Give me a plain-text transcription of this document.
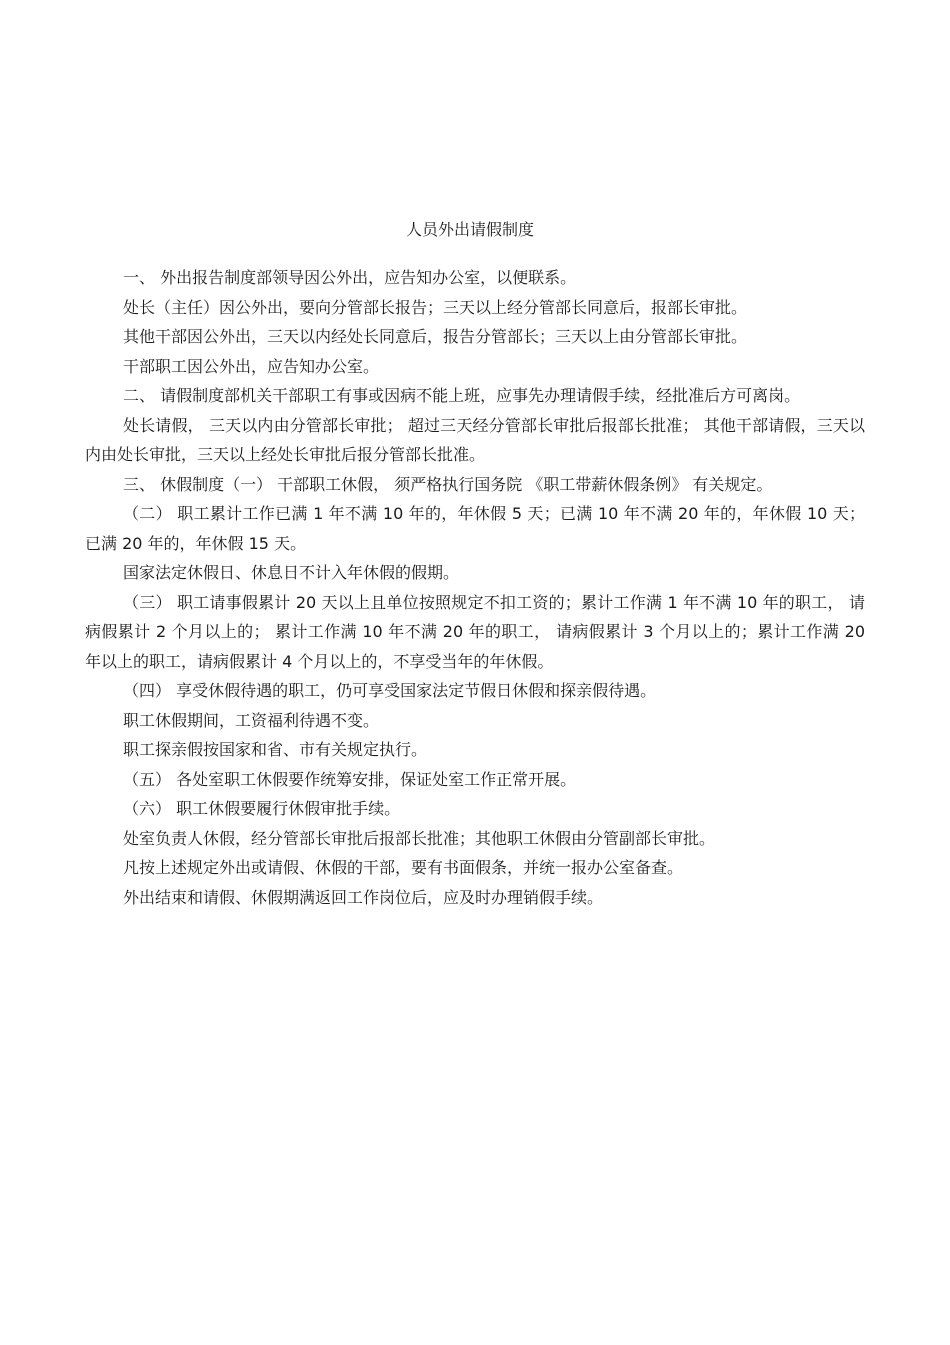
人员外出请假制度

一、 外出报告制度部领导因公外出，应告知办公室，以便联系。

处长（主任）因公外出，要向分管部长报告；三天以上经分管部长同意后，报部长审批。

其他干部因公外出，三天以内经处长同意后，报告分管部长；三天以上由分管部长审批。

干部职工因公外出，应告知办公室。

二、 请假制度部机关干部职工有事或因病不能上班，应事先办理请假手续，经批准后方可离岗。

处长请假， 三天以内由分管部长审批； 超过三天经分管部长审批后报部长批准； 其他干部请假，三天以内由处长审批，三天以上经处长审批后报分管部长批准。

三、 休假制度（一） 干部职工休假， 须严格执行国务院 《职工带薪休假条例》 有关规定。

（二） 职工累计工作已满 1 年不满 10 年的，年休假 5 天；已满 10 年不满 20 年的，年休假 10 天；已满 20 年的，年休假 15 天。

国家法定休假日、休息日不计入年休假的假期。

（三） 职工请事假累计 20 天以上且单位按照规定不扣工资的；累计工作满 1 年不满 10 年的职工， 请病假累计 2 个月以上的； 累计工作满 10 年不满 20 年的职工， 请病假累计 3 个月以上的；累计工作满 20 年以上的职工，请病假累计 4 个月以上的，不享受当年的年休假。

（四） 享受休假待遇的职工，仍可享受国家法定节假日休假和探亲假待遇。

职工休假期间，工资福利待遇不变。

职工探亲假按国家和省、市有关规定执行。

（五） 各处室职工休假要作统筹安排，保证处室工作正常开展。

（六） 职工休假要履行休假审批手续。

处室负责人休假，经分管部长审批后报部长批准；其他职工休假由分管副部长审批。

凡按上述规定外出或请假、休假的干部，要有书面假条，并统一报办公室备查。

外出结束和请假、休假期满返回工作岗位后，应及时办理销假手续。
